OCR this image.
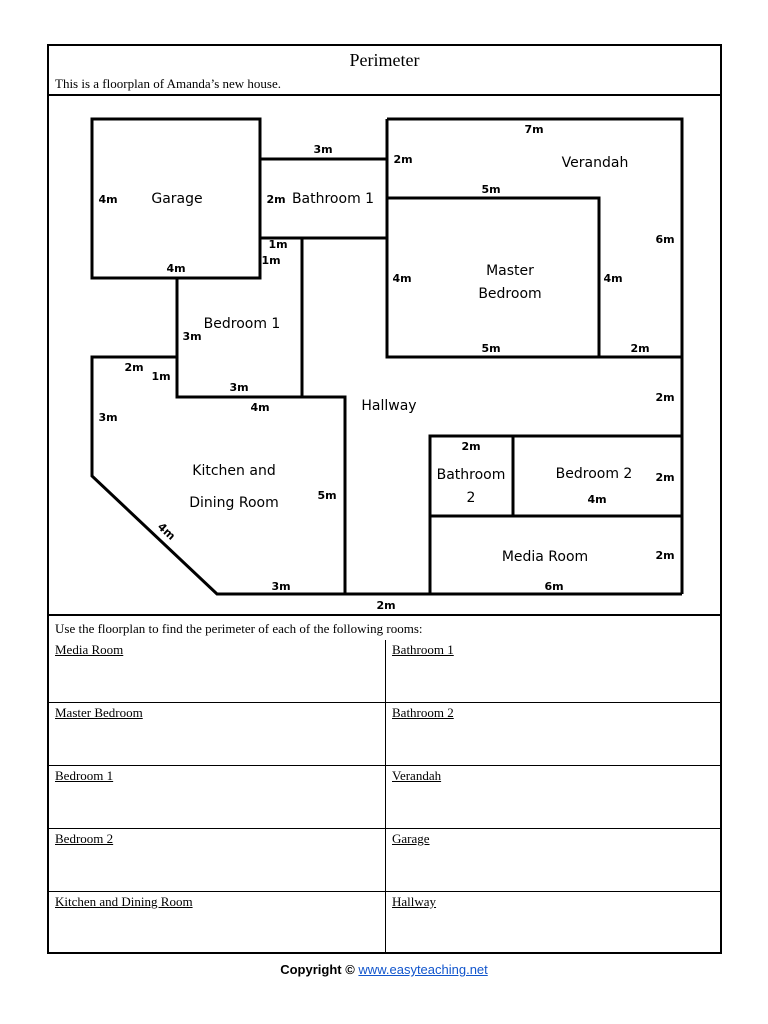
Perimeter
This is a floorplan of Amanda’s new house.
Garage	Bathroom 1
Verandah
Master
Bedroom
Bedroom 1
Hallway
Kitchen and
Dining Room
Bathroom
2
Bedroom 2
Media Room
4m
4m
3m
2m
1m
1m
7m
2m
5m
6m
4m	4m
5m	2m
3m
3m
2m
1m
3m
4m
4m
5m
3m
2m
2m
2m
2m
4m
2m
6m
Use the floorplan to find the perimeter of each of the following rooms:
Media Room	Bathroom 1
Master Bedroom	Bathroom 2
Bedroom 1	Verandah
Bedroom 2	Garage
Kitchen and Dining Room	Hallway
Copyright © www.easyteaching.net
